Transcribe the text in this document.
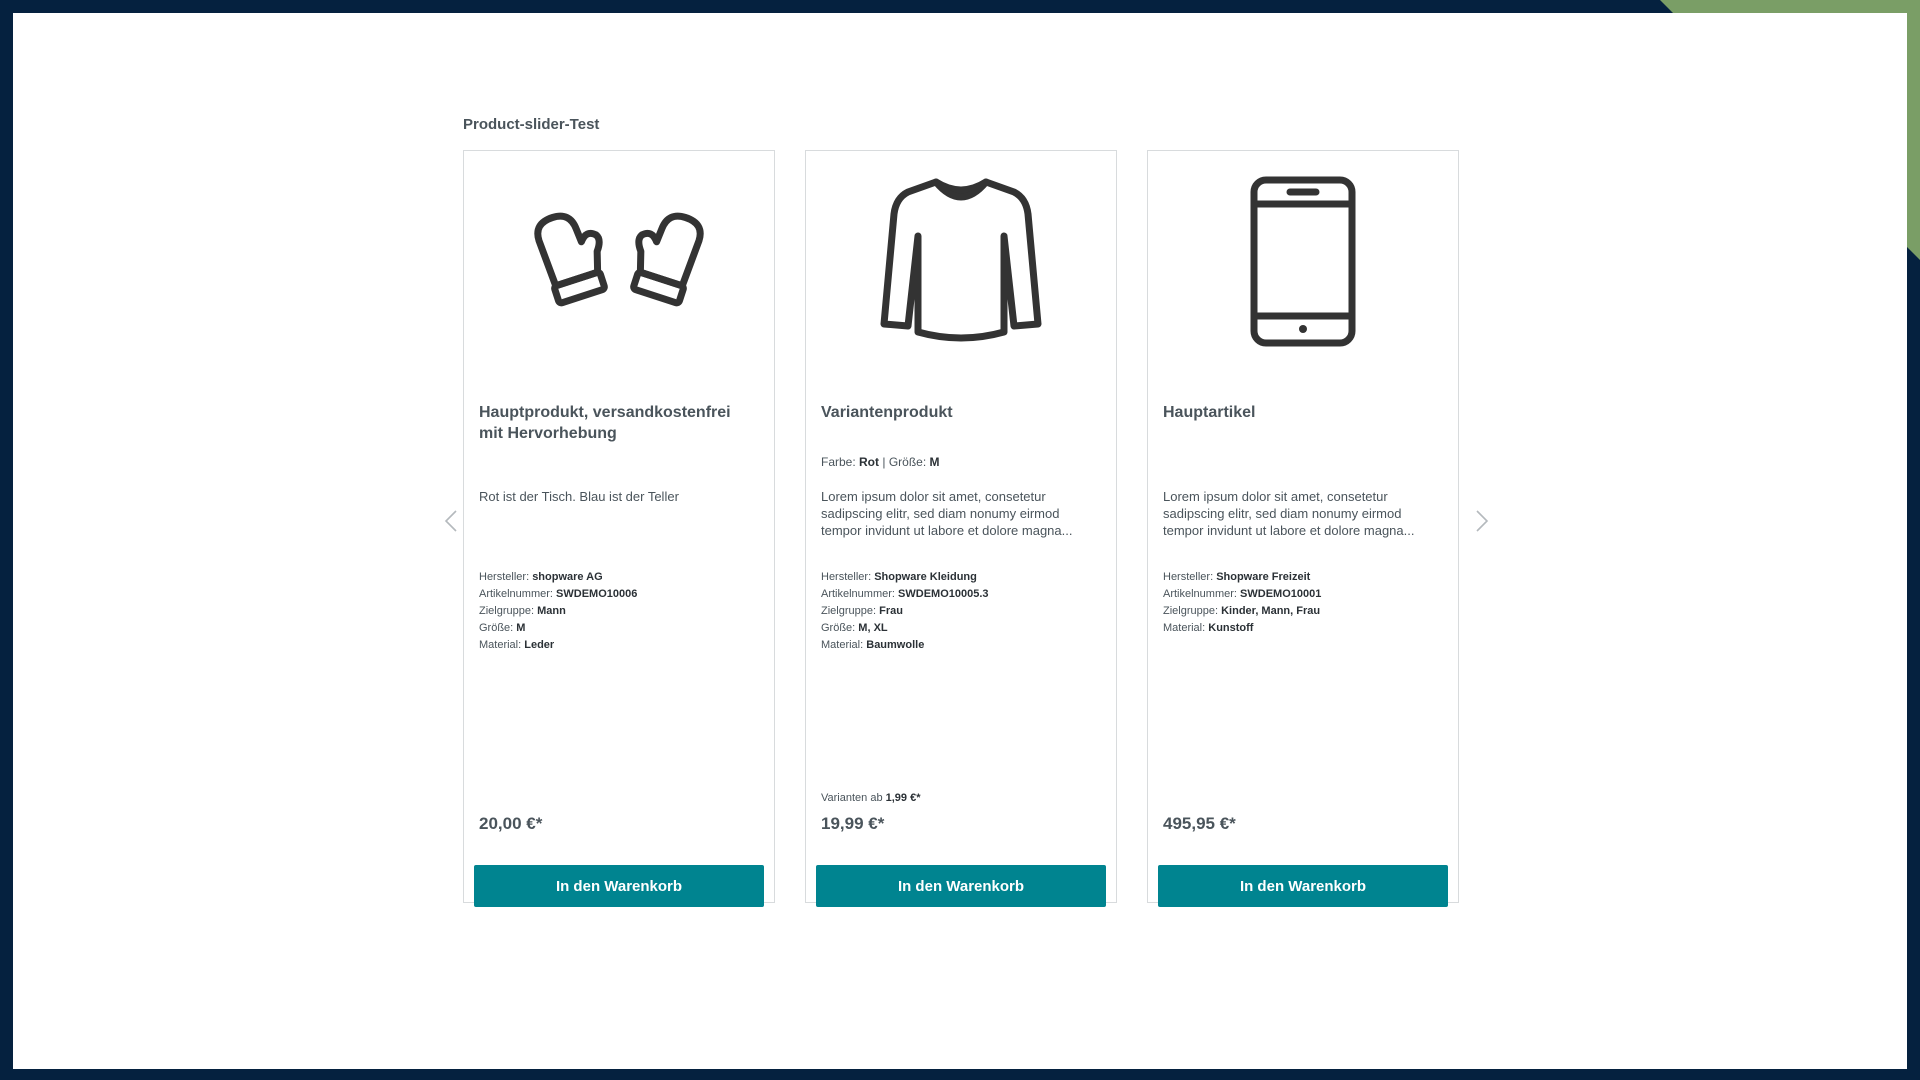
Product-slider-Test
Hauptprodukt, versandkostenfrei mit Hervorhebung
Rot ist der Tisch. Blau ist der Teller
Hersteller: shopware AG
Artikelnummer: SWDEMO10006
Zielgruppe: Mann
Größe: M
Material: Leder
20,00 €*
In den Warenkorb
Variantenprodukt
Farbe: Rot | Größe: M
Lorem ipsum dolor sit amet, consetetur sadipscing elitr, sed diam nonumy eirmod tempor invidunt ut labore et dolore magna...
Hersteller: Shopware Kleidung
Artikelnummer: SWDEMO10005.3
Zielgruppe: Frau
Größe: M, XL
Material: Baumwolle
Varianten ab 1,99 €*
19,99 €*
In den Warenkorb
Hauptartikel
Lorem ipsum dolor sit amet, consetetur sadipscing elitr, sed diam nonumy eirmod tempor invidunt ut labore et dolore magna...
Hersteller: Shopware Freizeit
Artikelnummer: SWDEMO10001
Zielgruppe: Kinder, Mann, Frau
Material: Kunstoff
495,95 €*
In den Warenkorb
